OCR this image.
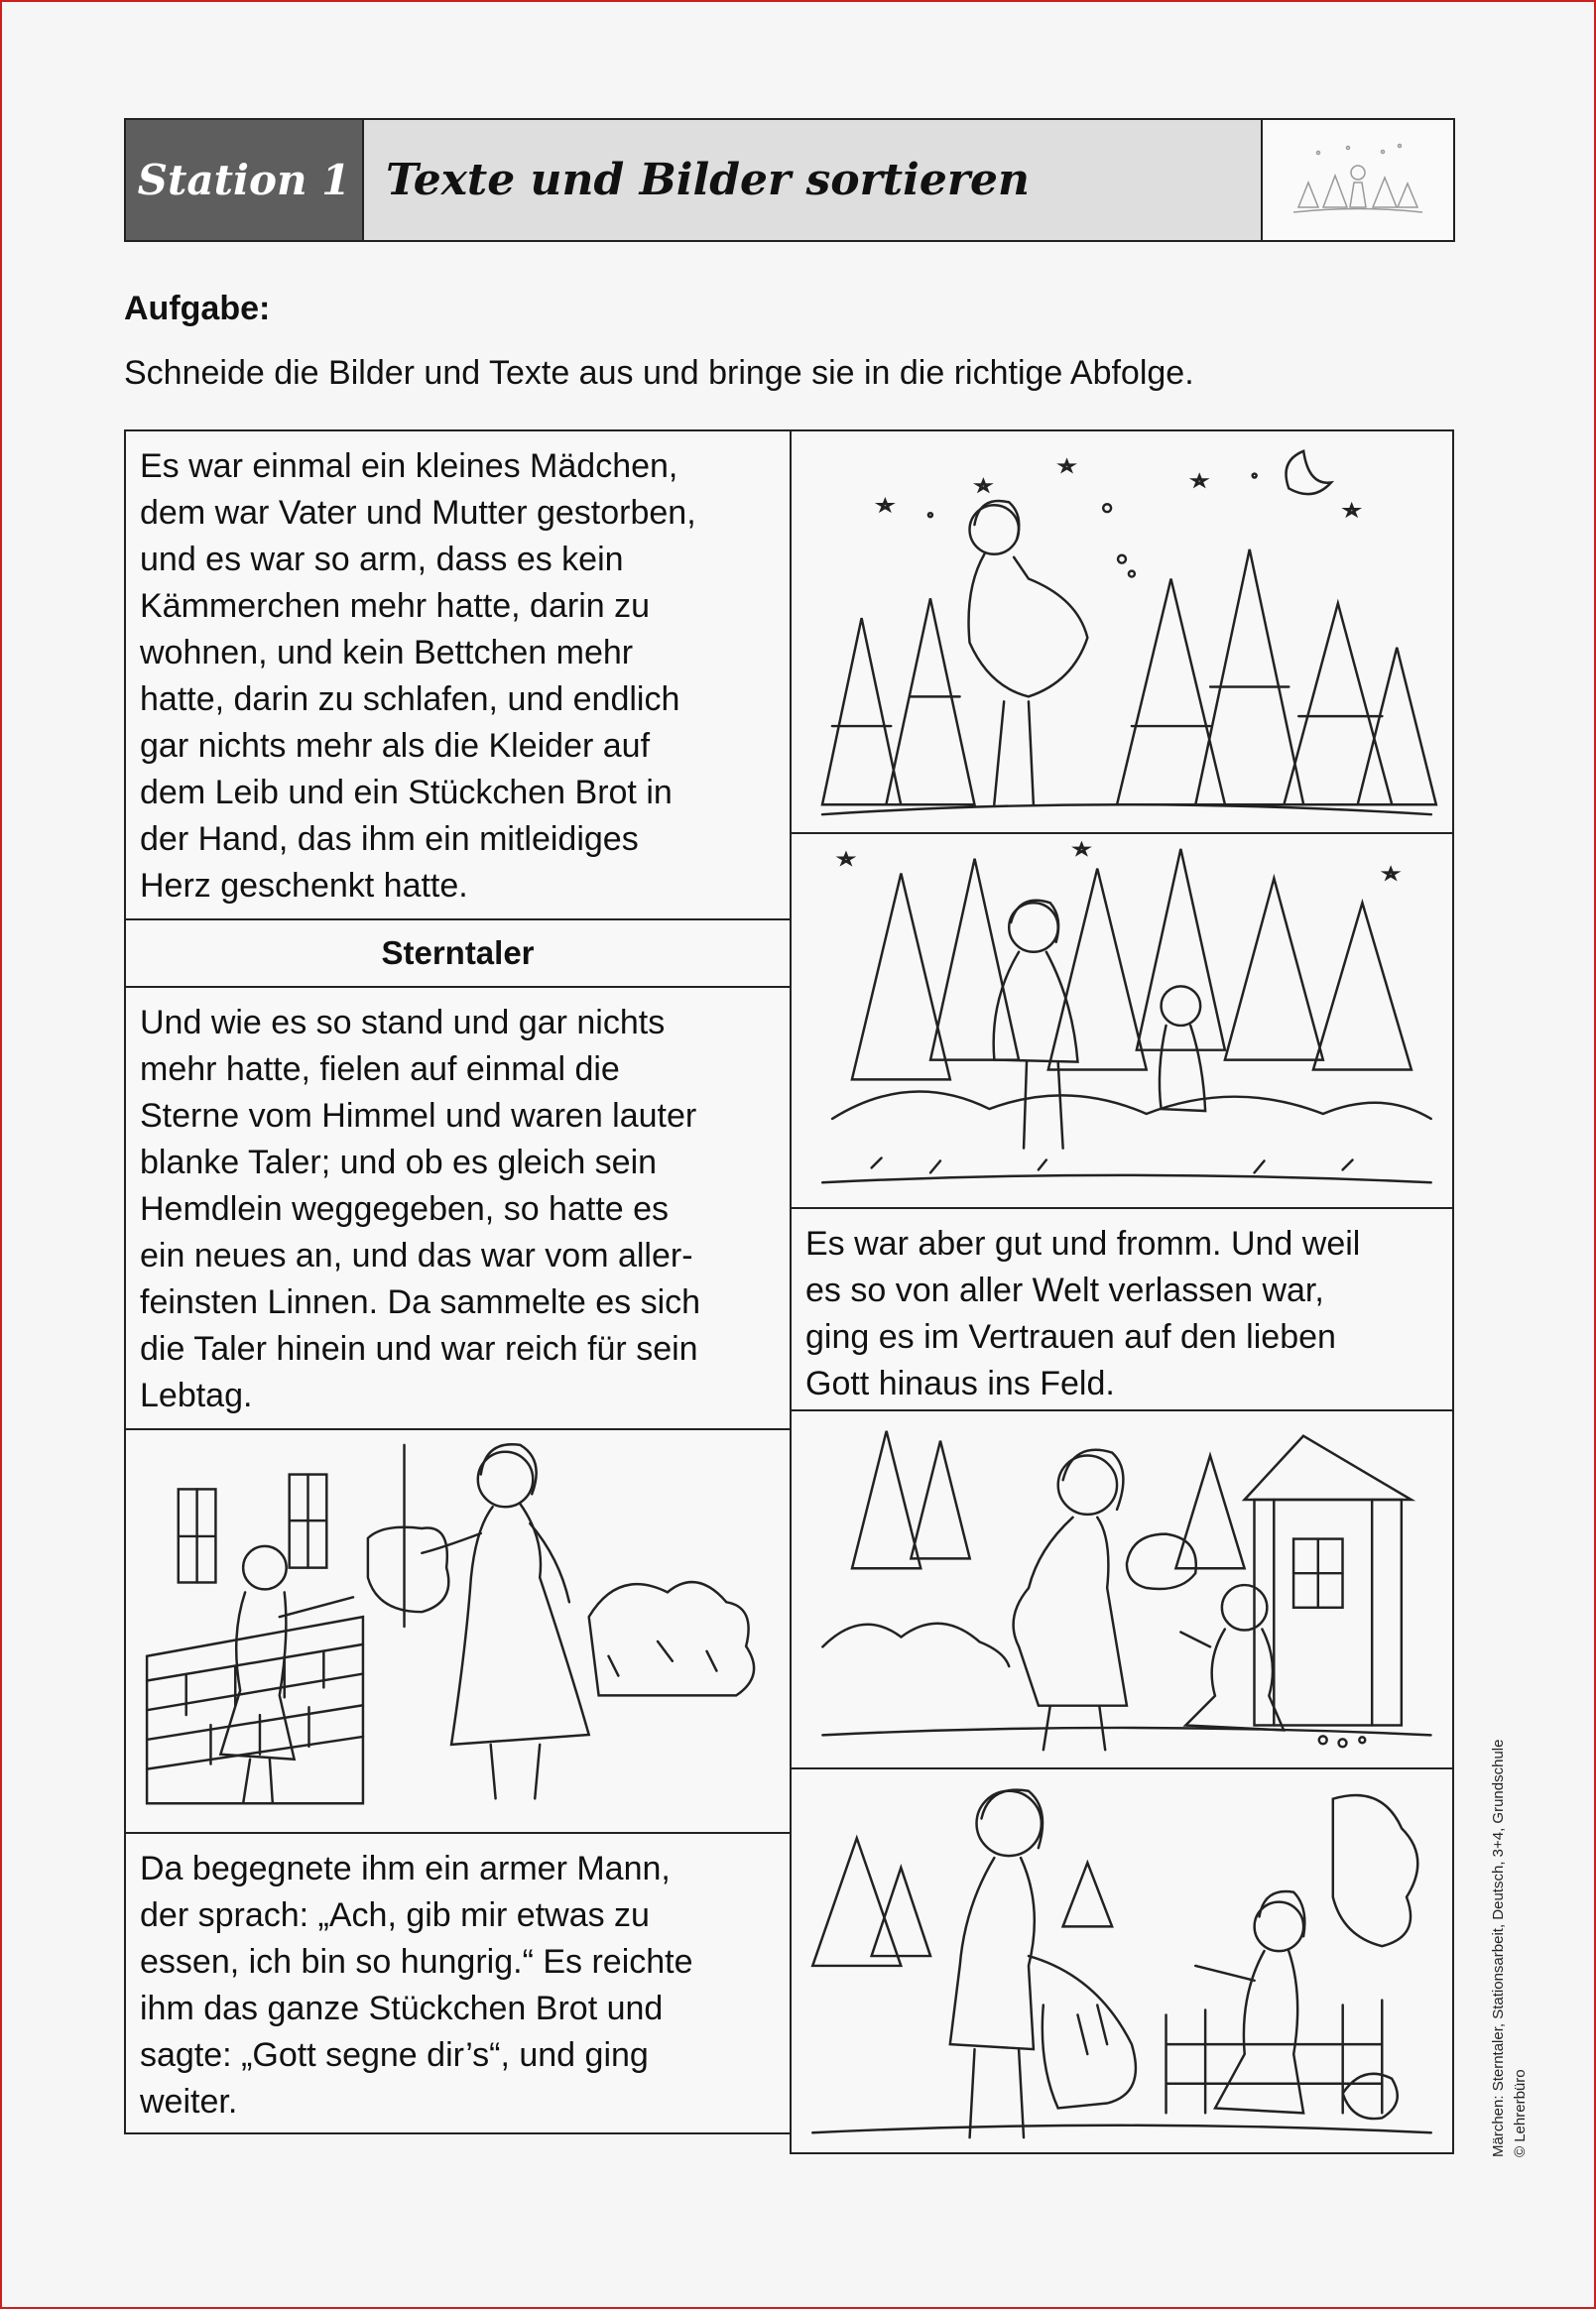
Station 1 Texte und Bilder sortieren
Aufgabe:
Schneide die Bilder und Texte aus und bringe sie in die richtige Abfolge.
Es war einmal ein kleines Mädchen,
dem war Vater und Mutter gestorben,
und es war so arm, dass es kein
Kämmerchen mehr hatte, darin zu
wohnen, und kein Bettchen mehr
hatte, darin zu schlafen, und endlich
gar nichts mehr als die Kleider auf
dem Leib und ein Stückchen Brot in
der Hand, das ihm ein mitleidiges
Herz geschenkt hatte.
Sterntaler
Und wie es so stand und gar nichts
mehr hatte, fielen auf einmal die
Sterne vom Himmel und waren lauter
blanke Taler; und ob es gleich sein
Hemdlein weggegeben, so hatte es
ein neues an, und das war vom aller-
feinsten Linnen. Da sammelte es sich
die Taler hinein und war reich für sein
Lebtag.
Da begegnete ihm ein armer Mann,
der sprach: „Ach, gib mir etwas zu
essen, ich bin so hungrig.“ Es reichte
ihm das ganze Stückchen Brot und
sagte: „Gott segne dir’s“, und ging
weiter.
Es war aber gut und fromm. Und weil
es so von aller Welt verlassen war,
ging es im Vertrauen auf den lieben
Gott hinaus ins Feld.
Märchen: Sterntaler, Stationsarbeit, Deutsch, 3+4, Grundschule © Lehrerbüro
